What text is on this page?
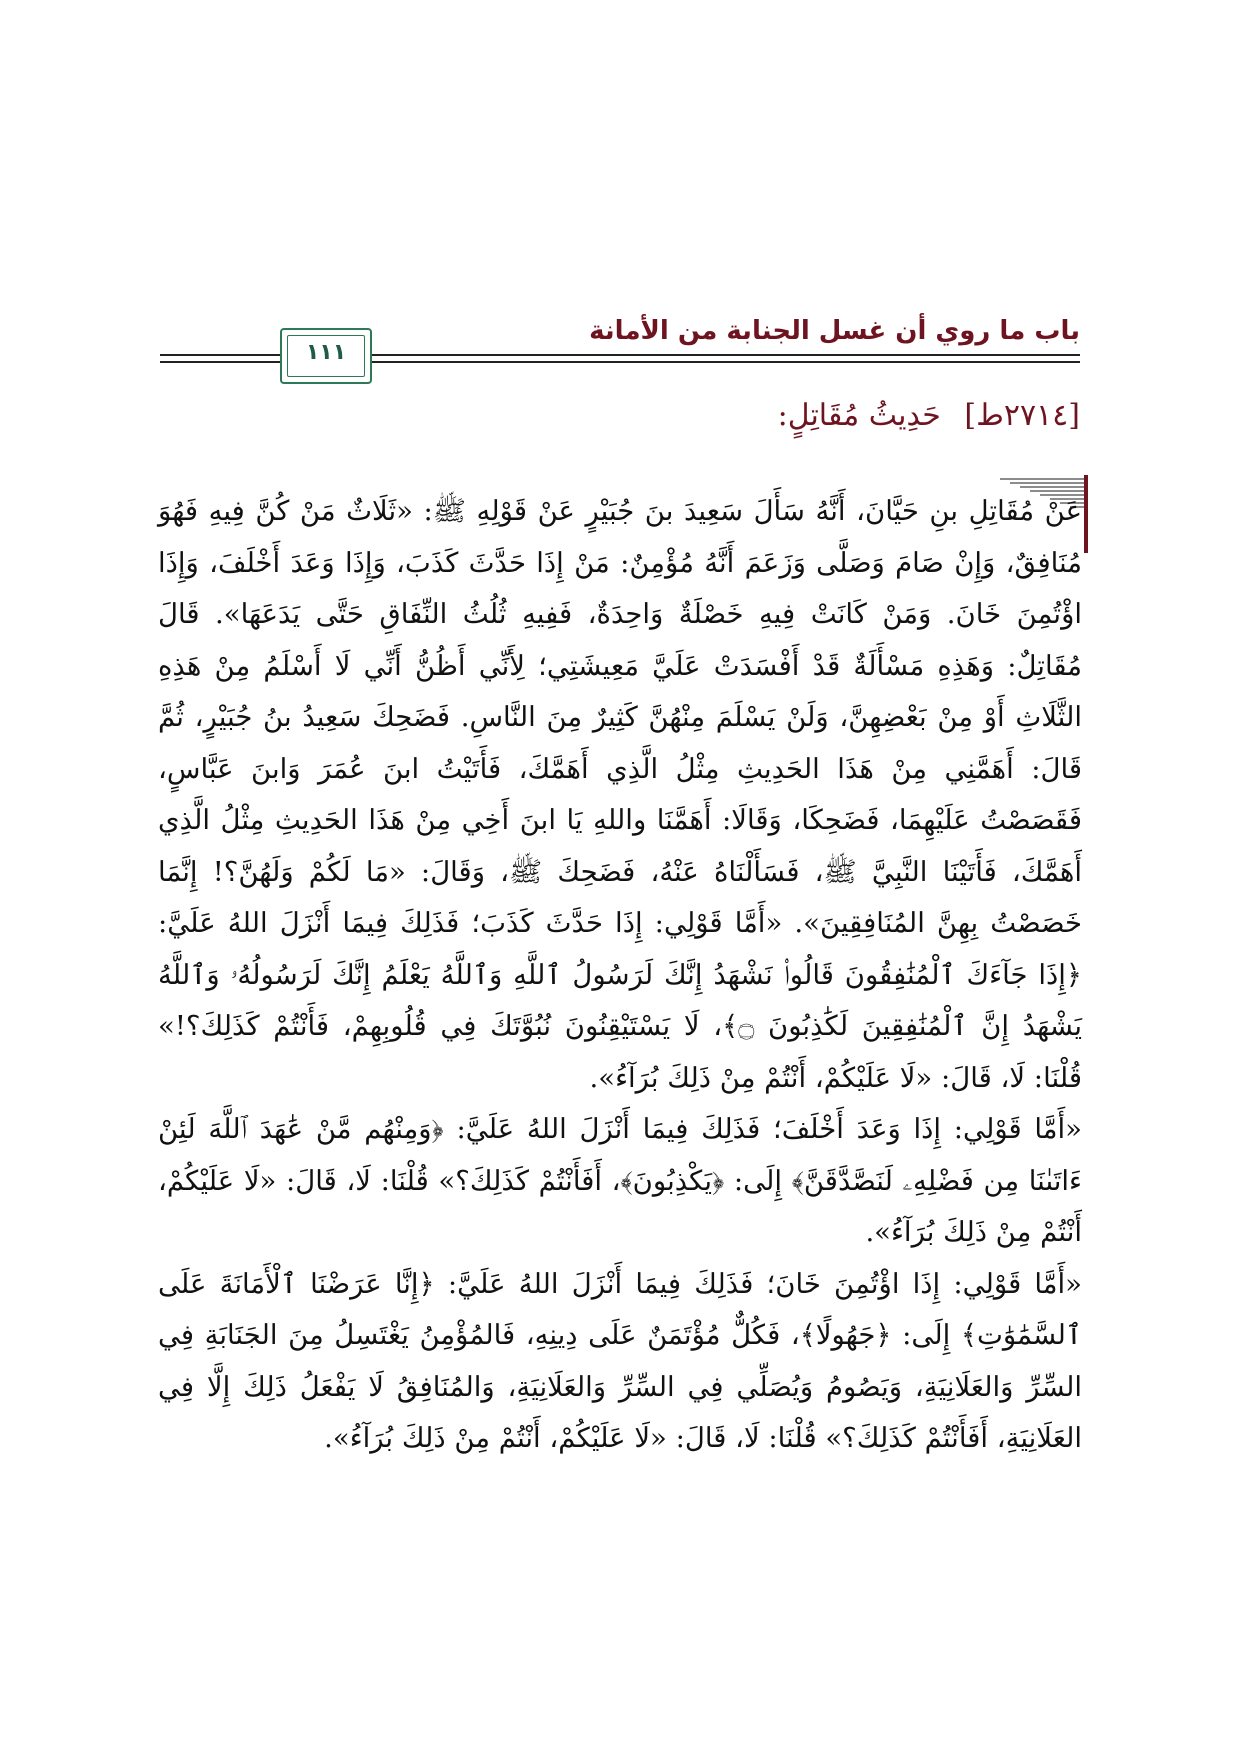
باب ما روي أن غسل الجنابة من الأمانة
١١١
[٢٧١٤ط] حَدِيثُ مُقَاتِلٍ:

عَنْ مُقَاتِلِ بنِ حَيَّانَ، أَنَّهُ سَأَلَ سَعِيدَ بنَ جُبَيْرٍ عَنْ قَوْلِهِ ﷺ: «ثَلَاثٌ مَنْ كُنَّ فِيهِ فَهُوَ مُنَافِقٌ، وَإِنْ صَامَ وَصَلَّى وَزَعَمَ أَنَّهُ مُؤْمِنٌ: مَنْ إِذَا حَدَّثَ كَذَبَ، وَإِذَا وَعَدَ أَخْلَفَ، وَإِذَا اؤْتُمِنَ خَانَ. وَمَنْ كَانَتْ فِيهِ خَصْلَةٌ وَاحِدَةٌ، فَفِيهِ ثُلُثُ النِّفَاقِ حَتَّى يَدَعَهَا». قَالَ مُقَاتِلٌ: وَهَذِهِ مَسْأَلَةٌ قَدْ أَفْسَدَتْ عَلَيَّ مَعِيشَتِي؛ لِأَنِّي أَظُنُّ أَنِّي لَا أَسْلَمُ مِنْ هَذِهِ الثَّلَاثِ أَوْ مِنْ بَعْضِهِنَّ، وَلَنْ يَسْلَمَ مِنْهُنَّ كَثِيرٌ مِنَ النَّاسِ. فَضَحِكَ سَعِيدُ بنُ جُبَيْرٍ، ثُمَّ قَالَ: أَهَمَّنِي مِنْ هَذَا الحَدِيثِ مِثْلُ الَّذِي أَهَمَّكَ، فَأَتَيْتُ ابنَ عُمَرَ وَابنَ عَبَّاسٍ، فَقَصَصْتُ عَلَيْهِمَا، فَضَحِكَا، وَقَالَا: أَهَمَّنَا واللهِ يَا ابنَ أَخِي مِنْ هَذَا الحَدِيثِ مِثْلُ الَّذِي أَهَمَّكَ، فَأَتَيْنَا النَّبِيَّ ﷺ، فَسَأَلْنَاهُ عَنْهُ، فَضَحِكَ ﷺ، وَقَالَ: «مَا لَكُمْ وَلَهُنَّ؟! إِنَّمَا خَصَصْتُ بِهِنَّ المُنَافِقِينَ». «أَمَّا قَوْلِي: إِذَا حَدَّثَ كَذَبَ؛ فَذَلِكَ فِيمَا أَنْزَلَ اللهُ عَلَيَّ: ﴿إِذَا جَآءَكَ ٱلْمُنَٰفِقُونَ قَالُوا۟ نَشْهَدُ إِنَّكَ لَرَسُولُ ٱللَّهِ وَٱللَّهُ يَعْلَمُ إِنَّكَ لَرَسُولُهُۥ وَٱللَّهُ يَشْهَدُ إِنَّ ٱلْمُنَٰفِقِينَ لَكَٰذِبُونَ ۝﴾، لَا يَسْتَيْقِنُونَ نُبُوَّتَكَ فِي قُلُوبِهِمْ، فَأَنْتُمْ كَذَلِكَ؟!» قُلْنَا: لَا، قَالَ: «لَا عَلَيْكُمْ، أَنْتُمْ مِنْ ذَلِكَ بُرَآءُ».

«أَمَّا قَوْلِي: إِذَا وَعَدَ أَخْلَفَ؛ فَذَلِكَ فِيمَا أَنْزَلَ اللهُ عَلَيَّ: ﴿وَمِنْهُم مَّنْ عَٰهَدَ ٱللَّهَ لَئِنْ ءَاتَىٰنَا مِن فَضْلِهِۦ لَنَصَّدَّقَنَّ﴾ إِلَى: ﴿يَكْذِبُونَ﴾، أَفَأَنْتُمْ كَذَلِكَ؟» قُلْنَا: لَا، قَالَ: «لَا عَلَيْكُمْ، أَنْتُمْ مِنْ ذَلِكَ بُرَآءُ».

«أَمَّا قَوْلِي: إِذَا اؤْتُمِنَ خَانَ؛ فَذَلِكَ فِيمَا أَنْزَلَ اللهُ عَلَيَّ: ﴿إِنَّا عَرَضْنَا ٱلْأَمَانَةَ عَلَى ٱلسَّمَٰوَٰتِ﴾ إِلَى: ﴿جَهُولًا﴾، فَكُلٌّ مُؤْتَمَنٌ عَلَى دِينِهِ، فَالمُؤْمِنُ يَغْتَسِلُ مِنَ الجَنَابَةِ فِي السِّرِّ وَالعَلَانِيَةِ، وَيَصُومُ وَيُصَلِّي فِي السِّرِّ وَالعَلَانِيَةِ، وَالمُنَافِقُ لَا يَفْعَلُ ذَلِكَ إِلَّا فِي العَلَانِيَةِ، أَفَأَنْتُمْ كَذَلِكَ؟» قُلْنَا: لَا، قَالَ: «لَا عَلَيْكُمْ، أَنْتُمْ مِنْ ذَلِكَ بُرَآءُ».
